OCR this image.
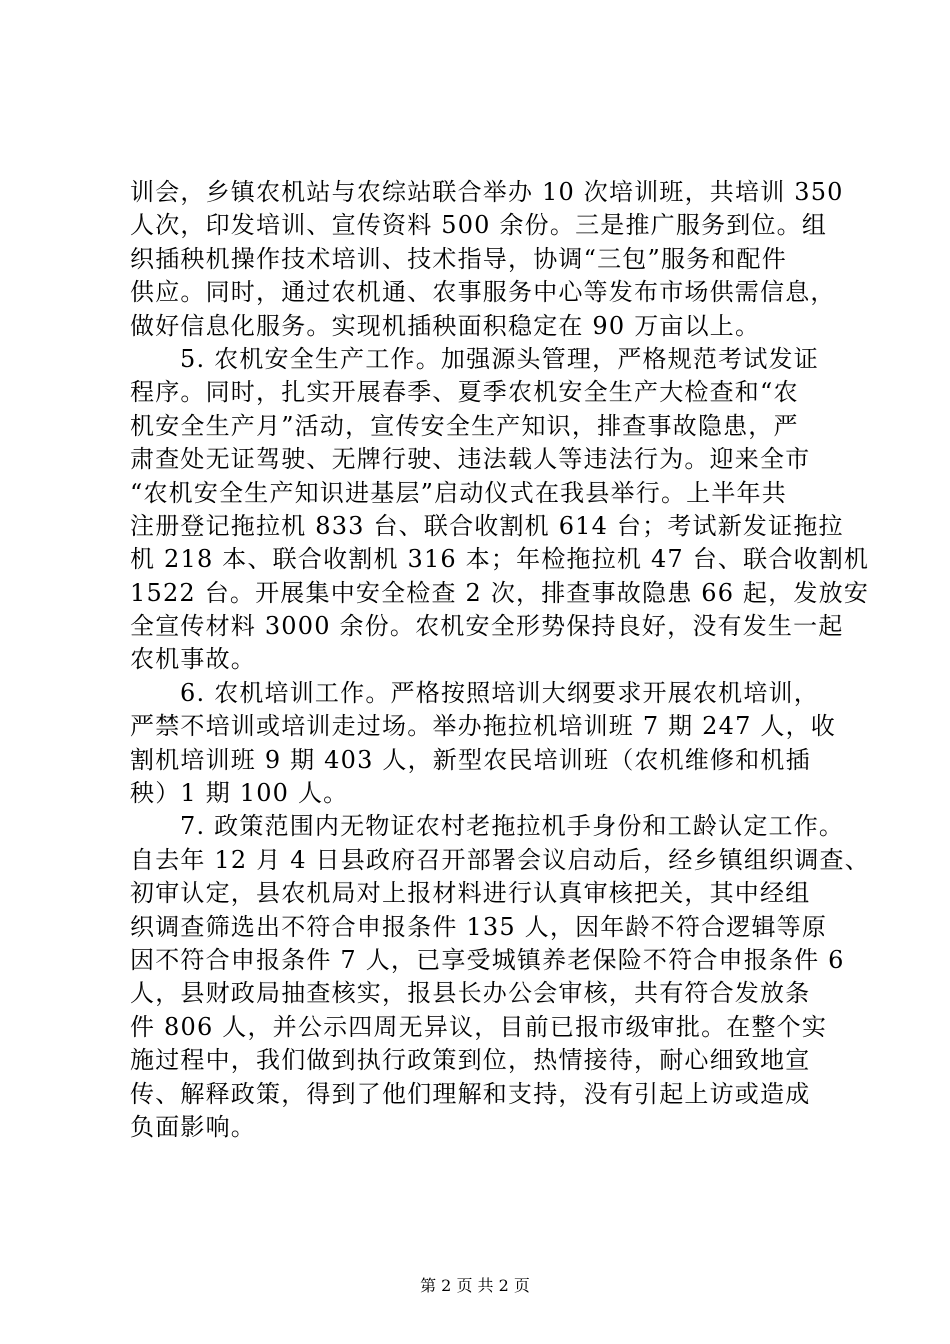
训会，乡镇农机站与农综站联合举办 10 次培训班，共培训 350
人次，印发培训、宣传资料 500 余份。三是推广服务到位。组
织插秧机操作技术培训、技术指导，协调“三包”服务和配件
供应。同时，通过农机通、农事服务中心等发布市场供需信息，
做好信息化服务。实现机插秧面积稳定在 90 万亩以上。
5. 农机安全生产工作。加强源头管理，严格规范考试发证
程序。同时，扎实开展春季、夏季农机安全生产大检查和“农
机安全生产月”活动，宣传安全生产知识，排查事故隐患，严
肃查处无证驾驶、无牌行驶、违法载人等违法行为。迎来全市
“农机安全生产知识进基层”启动仪式在我县举行。上半年共
注册登记拖拉机 833 台、联合收割机 614 台；考试新发证拖拉
机 218 本、联合收割机 316 本；年检拖拉机 47 台、联合收割机
1522 台。开展集中安全检查 2 次，排查事故隐患 66 起，发放安
全宣传材料 3000 余份。农机安全形势保持良好，没有发生一起
农机事故。
6. 农机培训工作。严格按照培训大纲要求开展农机培训，
严禁不培训或培训走过场。举办拖拉机培训班 7 期 247 人，收
割机培训班 9 期 403 人，新型农民培训班（农机维修和机插
秧）1 期 100 人。
7. 政策范围内无物证农村老拖拉机手身份和工龄认定工作。
自去年 12 月 4 日县政府召开部署会议启动后，经乡镇组织调查、
初审认定，县农机局对上报材料进行认真审核把关，其中经组
织调查筛选出不符合申报条件 135 人，因年龄不符合逻辑等原
因不符合申报条件 7 人，已享受城镇养老保险不符合申报条件 6
人，县财政局抽查核实，报县长办公会审核，共有符合发放条
件 806 人，并公示四周无异议，目前已报市级审批。在整个实
施过程中，我们做到执行政策到位，热情接待，耐心细致地宣
传、解释政策，得到了他们理解和支持，没有引起上访或造成
负面影响。
第 2 页 共 2 页
